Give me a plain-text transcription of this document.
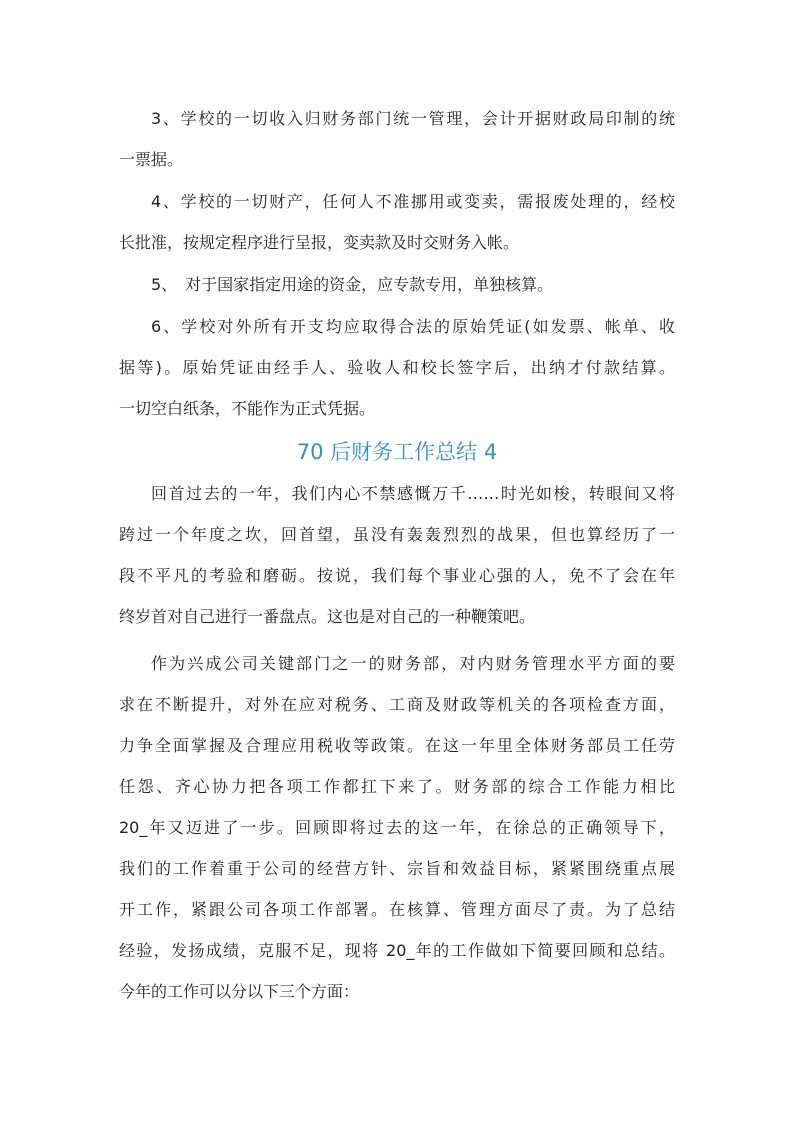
3、学校的一切收入归财务部门统一管理，会计开据财政局印制的统
一票据。
4、学校的一切财产，任何人不准挪用或变卖，需报废处理的，经校
长批准，按规定程序进行呈报，变卖款及时交财务入帐。
5、　对于国家指定用途的资金，应专款专用，单独核算。
6、学校对外所有开支均应取得合法的原始凭证(如发票、帐单、收
据等)。原始凭证由经手人、验收人和校长签字后，出纳才付款结算。
一切空白纸条，不能作为正式凭据。
70 后财务工作总结 4
回首过去的一年，我们内心不禁感慨万千……时光如梭，转眼间又将
跨过一个年度之坎，回首望，虽没有轰轰烈烈的战果，但也算经历了一
段不平凡的考验和磨砺。按说，我们每个事业心强的人，免不了会在年
终岁首对自己进行一番盘点。这也是对自己的一种鞭策吧。
作为兴成公司关键部门之一的财务部，对内财务管理水平方面的要
求在不断提升，对外在应对税务、工商及财政等机关的各项检查方面，
力争全面掌握及合理应用税收等政策。在这一年里全体财务部员工任劳
任怨、齐心协力把各项工作都扛下来了。财务部的综合工作能力相比
20_年又迈进了一步。回顾即将过去的这一年，在徐总的正确领导下，
我们的工作着重于公司的经营方针、宗旨和效益目标，紧紧围绕重点展
开工作，紧跟公司各项工作部署。在核算、管理方面尽了责。为了总结
经验，发扬成绩，克服不足，现将 20_年的工作做如下简要回顾和总结。
今年的工作可以分以下三个方面：
